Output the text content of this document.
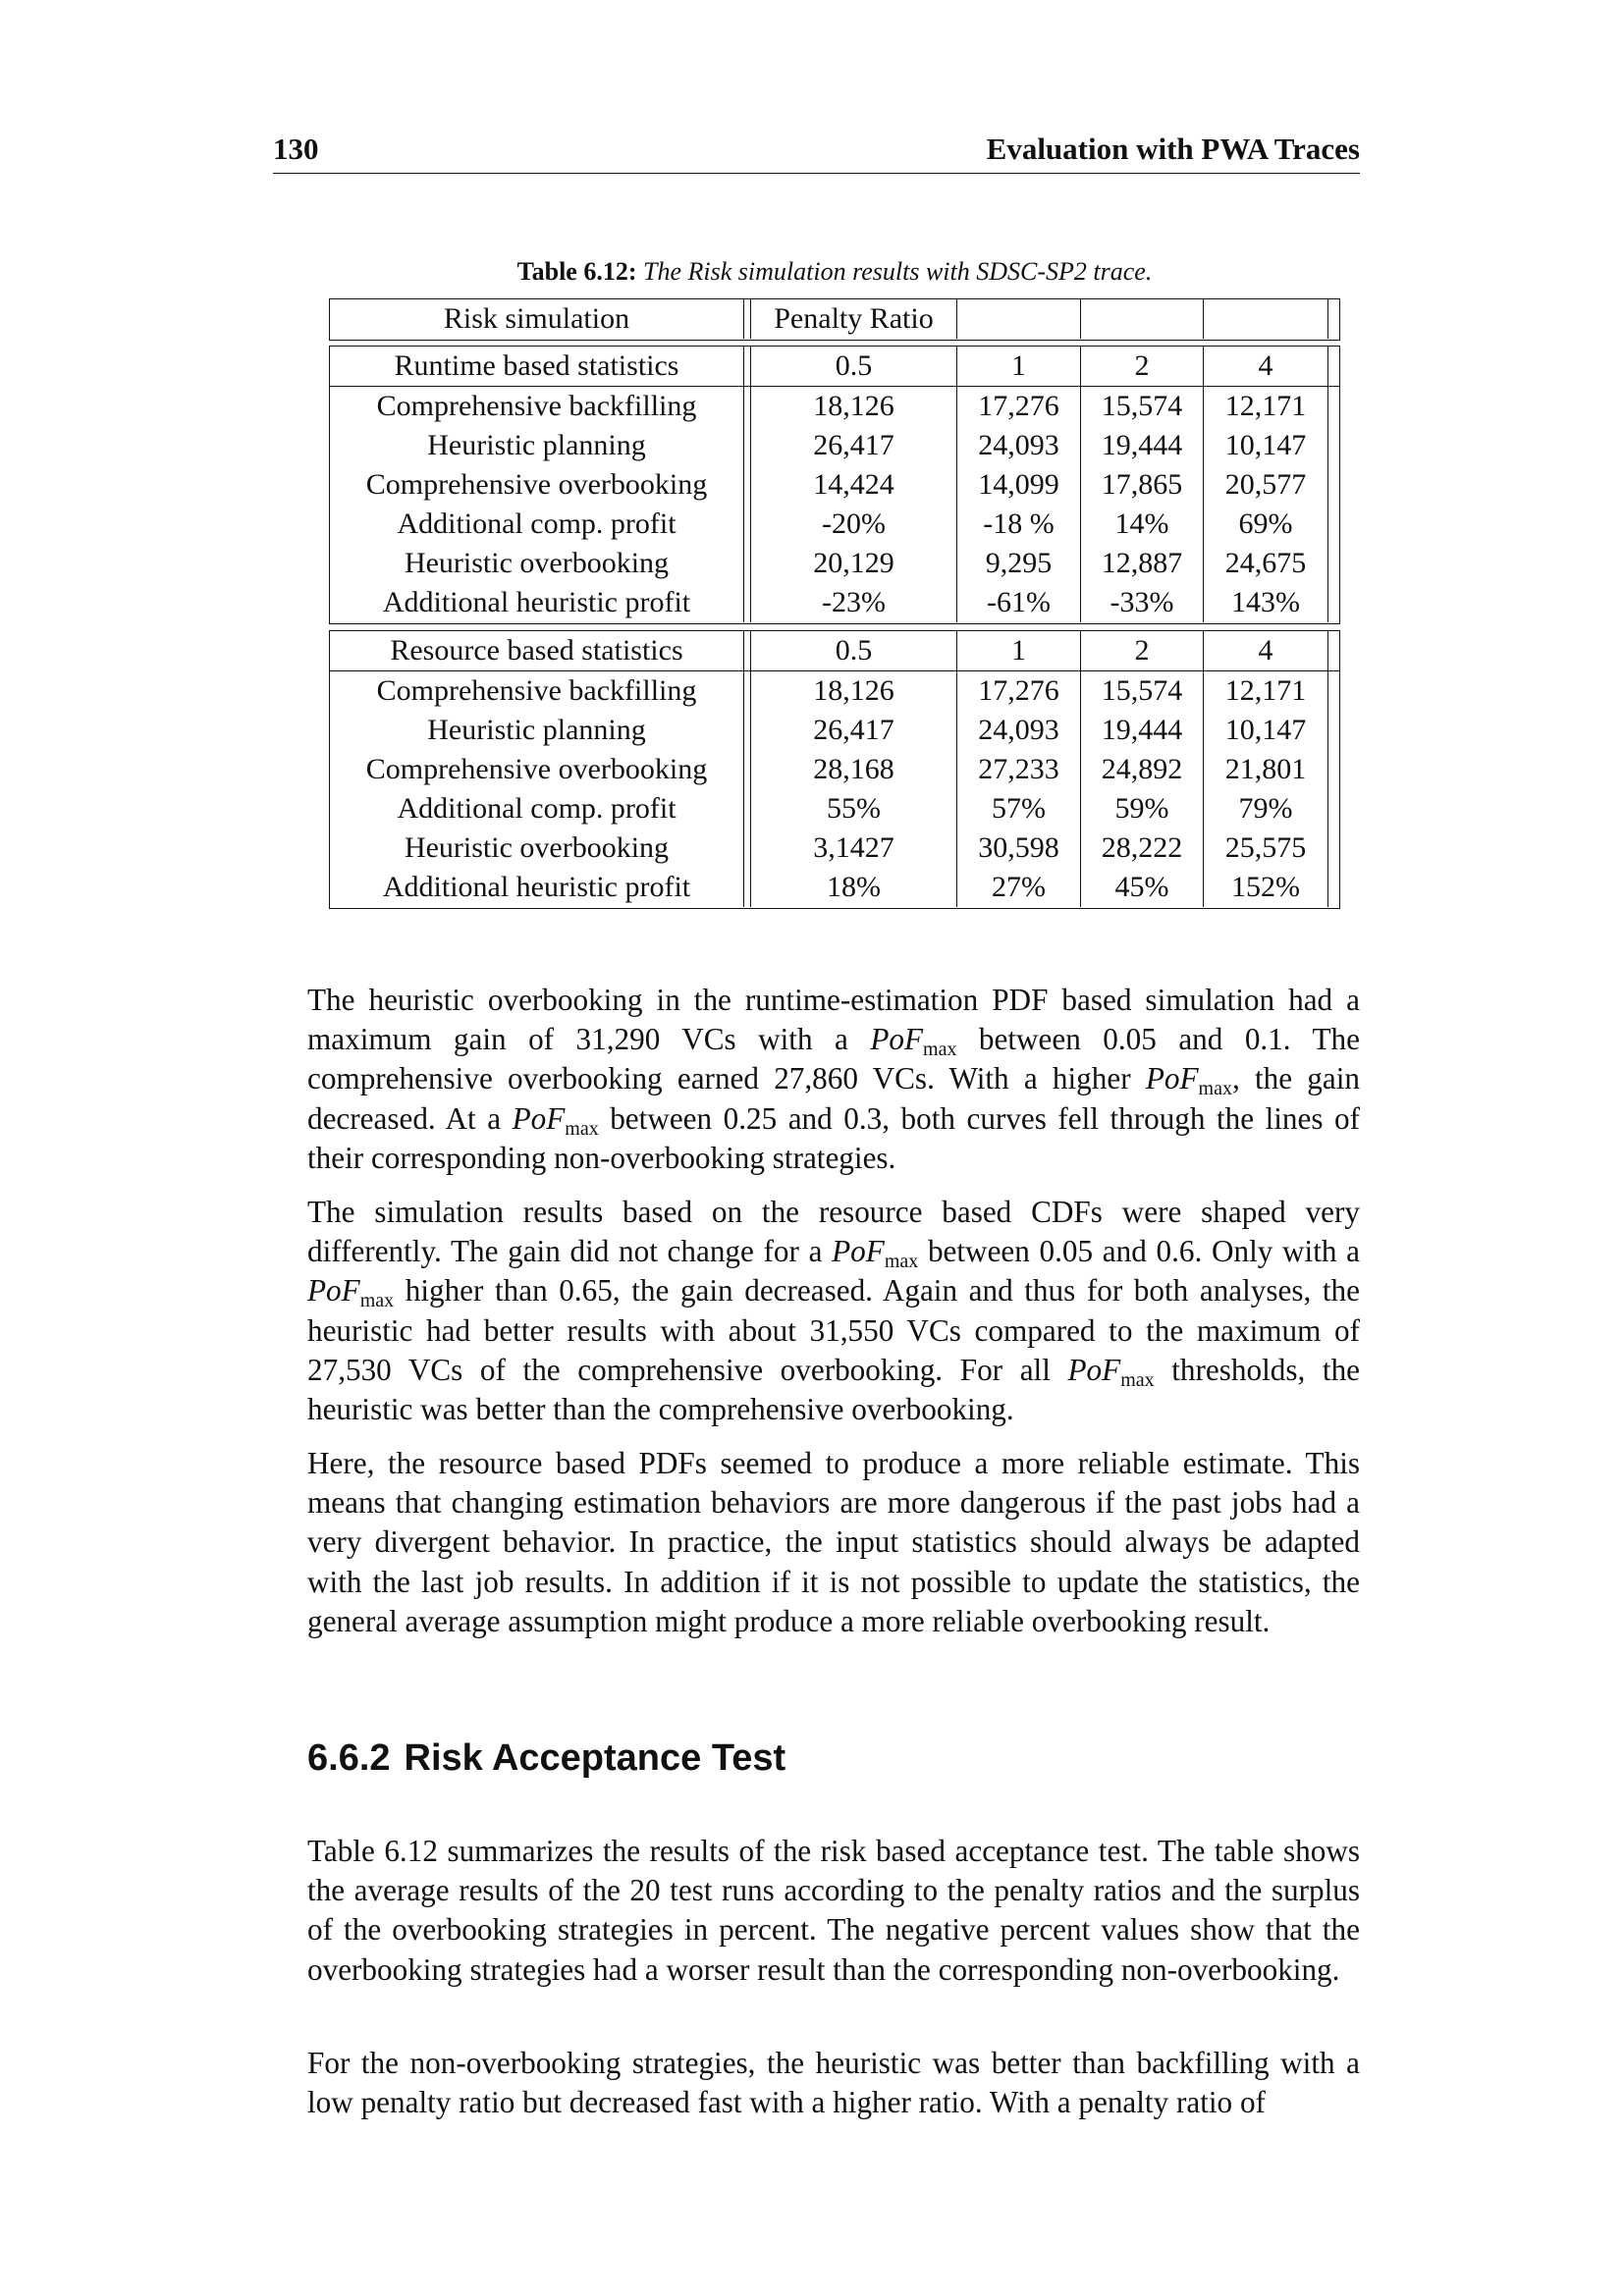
130	Evaluation with PWA Traces
Table 6.12: The Risk simulation results with SDSC-SP2 trace.
Risk simulation	Penalty Ratio
Runtime based statistics	0.5	1	2	4
Comprehensive backfilling	18,126	17,276	15,574	12,171
Heuristic planning	26,417	24,093	19,444	10,147
Comprehensive overbooking	14,424	14,099	17,865	20,577
Additional comp. profit	-20%	-18 %	14%	69%
Heuristic overbooking	20,129	9,295	12,887	24,675
Additional heuristic profit	-23%	-61%	-33%	143%
Resource based statistics	0.5	1	2	4
Comprehensive backfilling	18,126	17,276	15,574	12,171
Heuristic planning	26,417	24,093	19,444	10,147
Comprehensive overbooking	28,168	27,233	24,892	21,801
Additional comp. profit	55%	57%	59%	79%
Heuristic overbooking	3,1427	30,598	28,222	25,575
Additional heuristic profit	18%	27%	45%	152%

The heuristic overbooking in the runtime-estimation PDF based simulation had a maximum gain of 31,290 VCs with a PoF$_{max}$ between 0.05 and 0.1. The comprehensive overbooking earned 27,860 VCs. With a higher PoF$_{max}$, the gain decreased. At a PoF$_{max}$ between 0.25 and 0.3, both curves fell through the lines of their corresponding non-overbooking strategies.

The simulation results based on the resource based CDFs were shaped very differently. The gain did not change for a PoF$_{max}$ between 0.05 and 0.6. Only with a PoF$_{max}$ higher than 0.65, the gain decreased. Again and thus for both analyses, the heuristic had better results with about 31,550 VCs compared to the maximum of 27,530 VCs of the comprehensive overbooking. For all PoF$_{max}$ thresholds, the heuristic was better than the comprehensive overbooking.

Here, the resource based PDFs seemed to produce a more reliable estimate. This means that changing estimation behaviors are more dangerous if the past jobs had a very divergent behavior. In practice, the input statistics should always be adapted with the last job results. In addition if it is not possible to update the statistics, the general average assumption might produce a more reliable overbooking result.

6.6.2 Risk Acceptance Test

Table 6.12 summarizes the results of the risk based acceptance test. The table shows the average results of the 20 test runs according to the penalty ratios and the surplus of the overbooking strategies in percent. The negative percent values show that the overbooking strategies had a worser result than the corresponding non-overbooking.

For the non-overbooking strategies, the heuristic was better than backfilling with a low penalty ratio but decreased fast with a higher ratio. With a penalty ratio of
